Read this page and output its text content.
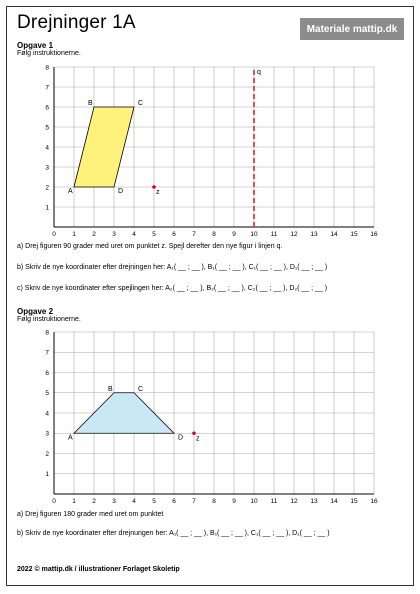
Drejninger 1A	Materiale mattip.dk
Opgave 1
Følg instruktionerne.
0	1	2	3	4	5	6	7	8	9 10 11 12 13 14 15 16
1
2
3
4
5
6
7
8
q
A
B	C
D	z
a) Drej figuren 90 grader med uret om punktet z. Spejl derefter den nye figur i linjen q.
b) Skriv de nye koordinater efter drejningen her: A₁( __ ; __ ), B₁( __ ; __ ), C₁( __ ; __ ), D₁( __ ; __ )
c) Skriv de nye koordinater efter spejlingen her: A₂( __ ; __ ), B₂( __ ; __ ), C₂( __ ; __ ), D₂( __ ; __ )
Opgave 2
Følg instruktionerne.
0	1	2	3	4	5	6	7	8	9 10 11 12 13 14 15 16
1
2
3
4
5
6
7
8
A
B	C
D z
a) Drej figuren 180 grader med uret om punktet
b) Skriv de nye koordinater efter drejnungen her: A₁( __ ; __ ), B₁( __ ; __ ), C₁( __ ; __ ), D₁( __ ; __ )
2022 © mattip.dk / illustrationer Forlaget Skoletip
